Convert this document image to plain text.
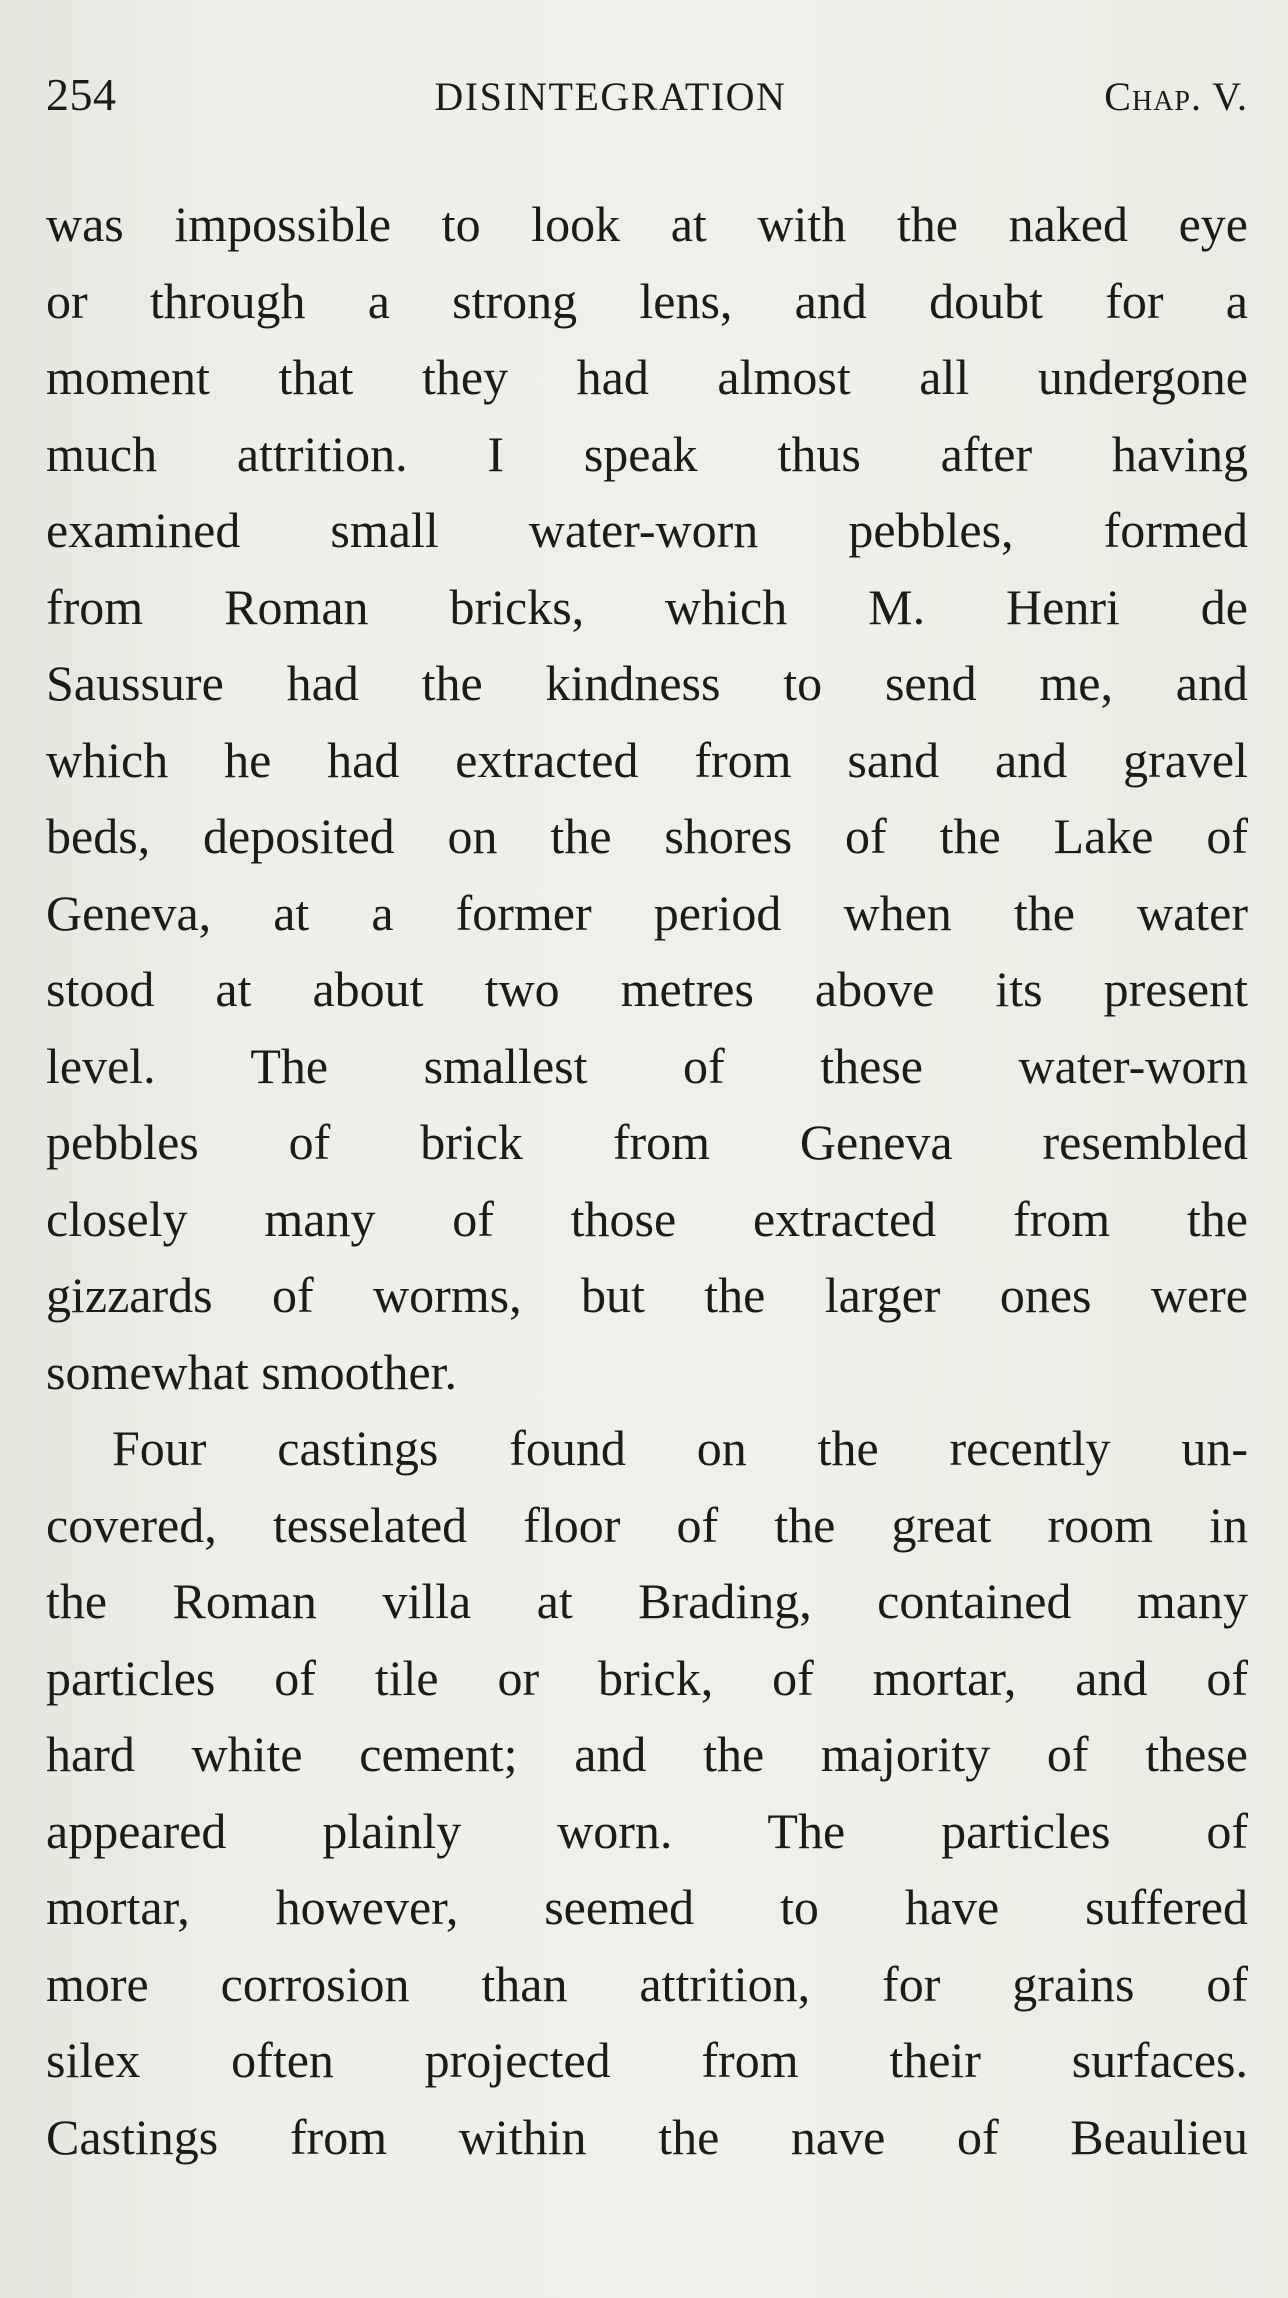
254	DISINTEGRATION	Chap. V.
was impossible to look at with the naked eye
or through a strong lens, and doubt for a
moment that they had almost all undergone
much attrition. I speak thus after having
examined small water-worn pebbles, formed
from Roman bricks, which M. Henri de
Saussure had the kindness to send me, and
which he had extracted from sand and gravel
beds, deposited on the shores of the Lake of
Geneva, at a former period when the water
stood at about two metres above its present
level. The smallest of these water-worn
pebbles of brick from Geneva resembled
closely many of those extracted from the
gizzards of worms, but the larger ones were
somewhat smoother.
Four castings found on the recently un-
covered, tesselated floor of the great room in
the Roman villa at Brading, contained many
particles of tile or brick, of mortar, and of
hard white cement; and the majority of these
appeared plainly worn. The particles of
mortar, however, seemed to have suffered
more corrosion than attrition, for grains of
silex often projected from their surfaces.
Castings from within the nave of Beaulieu
